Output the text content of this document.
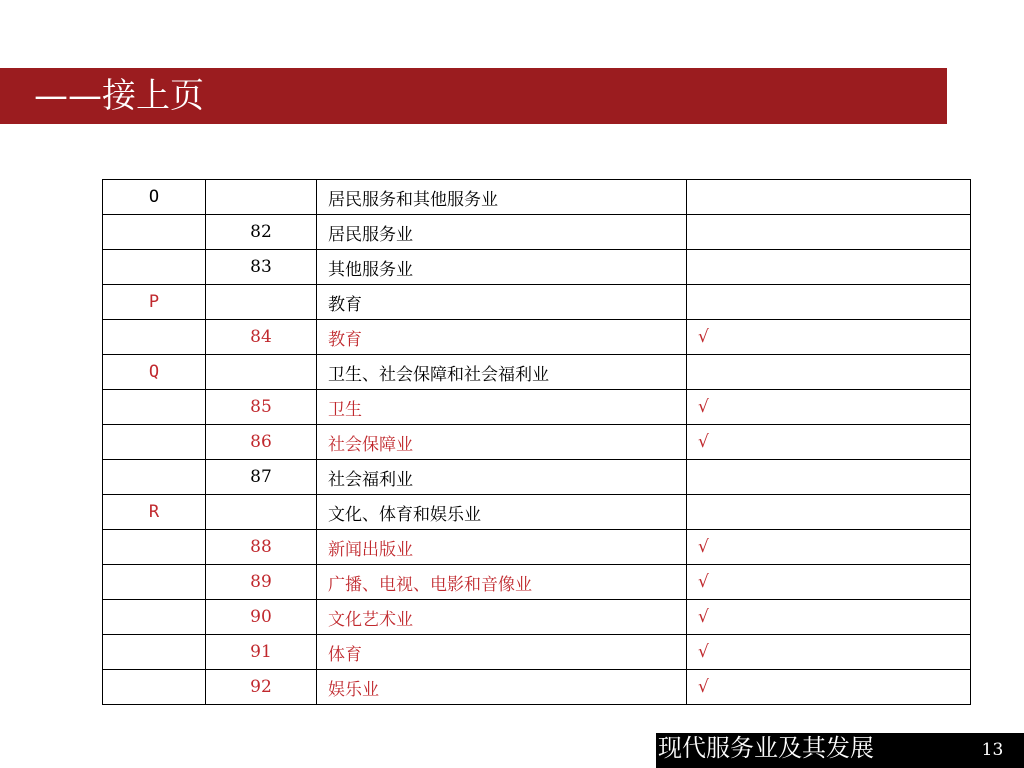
——接上页
O		居民服务和其他服务业	
	82	居民服务业	
	83	其他服务业	
P		教育	
	84	教育	√
Q		卫生、社会保障和社会福利业	
	85	卫生	√
	86	社会保障业	√
	87	社会福利业	
R		文化、体育和娱乐业	
	88	新闻出版业	√
	89	广播、电视、电影和音像业	√
	90	文化艺术业	√
	91	体育	√
	92	娱乐业	√
现代服务业及其发展	13
